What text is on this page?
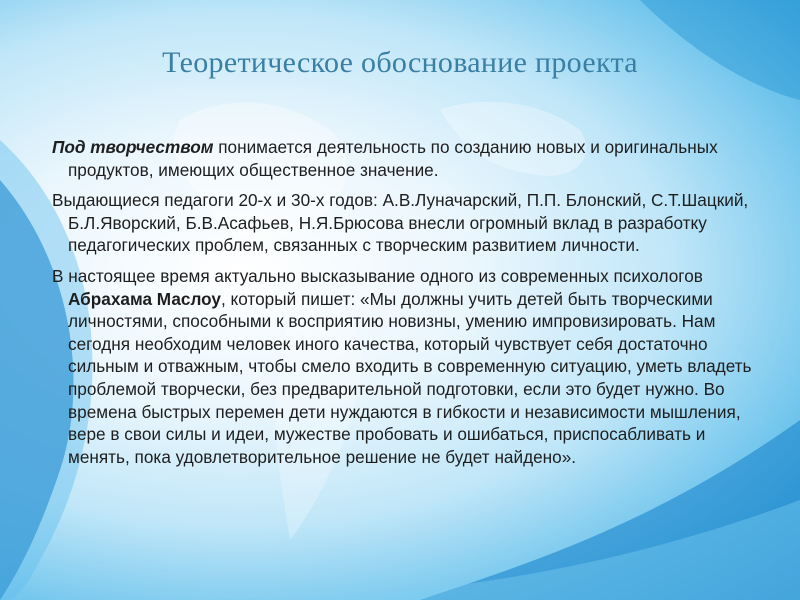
Теоретическое обоснование проекта

Под творчеством понимается деятельность по созданию новых и оригинальных продуктов, имеющих общественное значение.

Выдающиеся педагоги 20-х и 30-х годов: А.В.Луначарский, П.П. Блонский, С.Т.Шацкий, Б.Л.Яворский, Б.В.Асафьев, Н.Я.Брюсова внесли огромный вклад в разработку педагогических проблем, связанных с творческим развитием личности.

В настоящее время актуально высказывание одного из современных психологов Абрахама Маслоу, который пишет: «Мы должны учить детей быть творческими личностями, способными к восприятию новизны, умению импровизировать. Нам сегодня необходим человек иного качества, который чувствует себя достаточно сильным и отважным, чтобы смело входить в современную ситуацию, уметь владеть проблемой творчески, без предварительной подготовки, если это будет нужно. Во времена быстрых перемен дети нуждаются в гибкости и независимости мышления, вере в свои силы и идеи, мужестве пробовать и ошибаться, приспосабливать и менять, пока удовлетворительное решение не будет найдено».
